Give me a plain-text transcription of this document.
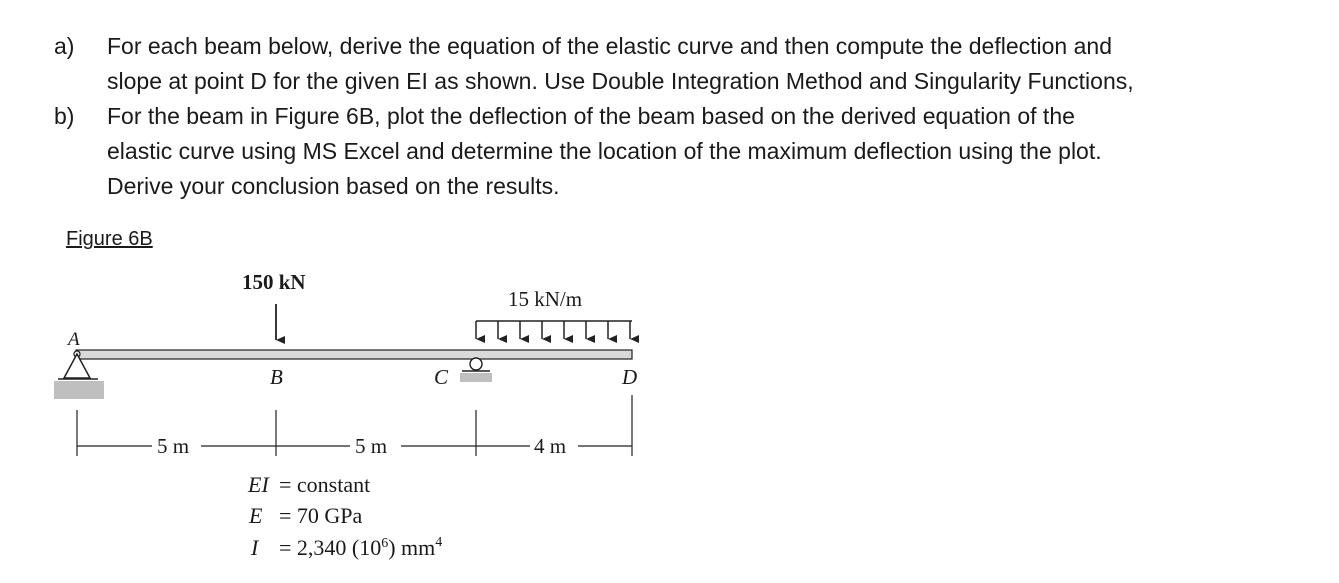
a) For each beam below, derive the equation of the elastic curve and then compute the deflection and
slope at point D for the given EI as shown. Use Double Integration Method and Singularity Functions,
b) For the beam in Figure 6B, plot the deflection of the beam based on the derived equation of the
elastic curve using MS Excel and determine the location of the maximum deflection using the plot.
Derive your conclusion based on the results.
Figure 6B
150 kN
15 kN/m
A
B	C	D
5 m	5 m	4 m
EI = constant
E = 70 GPa
I = 2,340 $(10^6)$ $mm^4$
